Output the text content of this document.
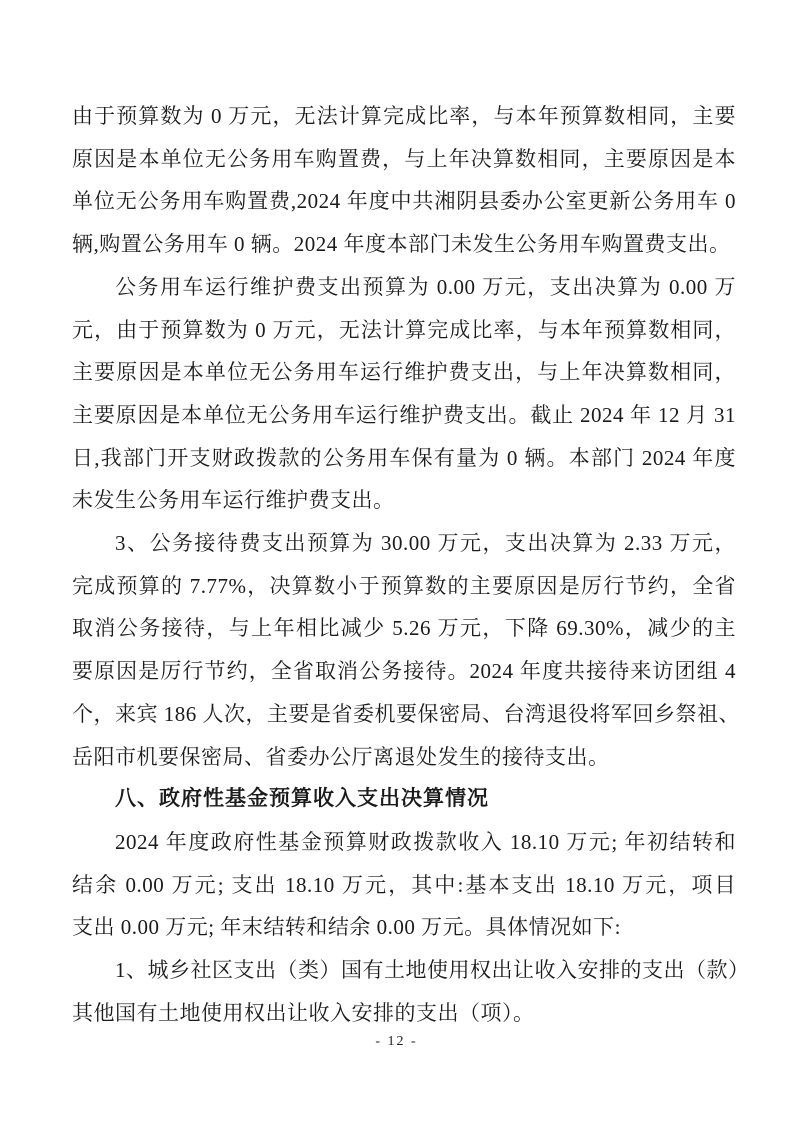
由于预算数为 0 万元，无法计算完成比率，与本年预算数相同，主要
原因是本单位无公务用车购置费，与上年决算数相同，主要原因是本
单位无公务用车购置费,2024 年度中共湘阴县委办公室更新公务用车 0
辆,购置公务用车 0 辆。2024 年度本部门未发生公务用车购置费支出。

公务用车运行维护费支出预算为 0.00 万元，支出决算为 0.00 万
元，由于预算数为 0 万元，无法计算完成比率，与本年预算数相同，
主要原因是本单位无公务用车运行维护费支出，与上年决算数相同，
主要原因是本单位无公务用车运行维护费支出。截止 2024 年 12 月 31
日,我部门开支财政拨款的公务用车保有量为 0 辆。本部门 2024 年度
未发生公务用车运行维护费支出。

3、公务接待费支出预算为 30.00 万元，支出决算为 2.33 万元，
完成预算的 7.77%，决算数小于预算数的主要原因是厉行节约，全省
取消公务接待，与上年相比减少 5.26 万元，下降 69.30%，减少的主
要原因是厉行节约，全省取消公务接待。2024 年度共接待来访团组 4
个，来宾 186 人次，主要是省委机要保密局、台湾退役将军回乡祭祖、
岳阳市机要保密局、省委办公厅离退处发生的接待支出。

八、政府性基金预算收入支出决算情况

2024 年度政府性基金预算财政拨款收入 18.10 万元; 年初结转和
结余 0.00 万元; 支出 18.10 万元，其中:基本支出 18.10 万元，项目
支出 0.00 万元; 年末结转和结余 0.00 万元。具体情况如下:

1、城乡社区支出（类）国有土地使用权出让收入安排的支出（款）
其他国有土地使用权出让收入安排的支出（项）。

- 12 -
